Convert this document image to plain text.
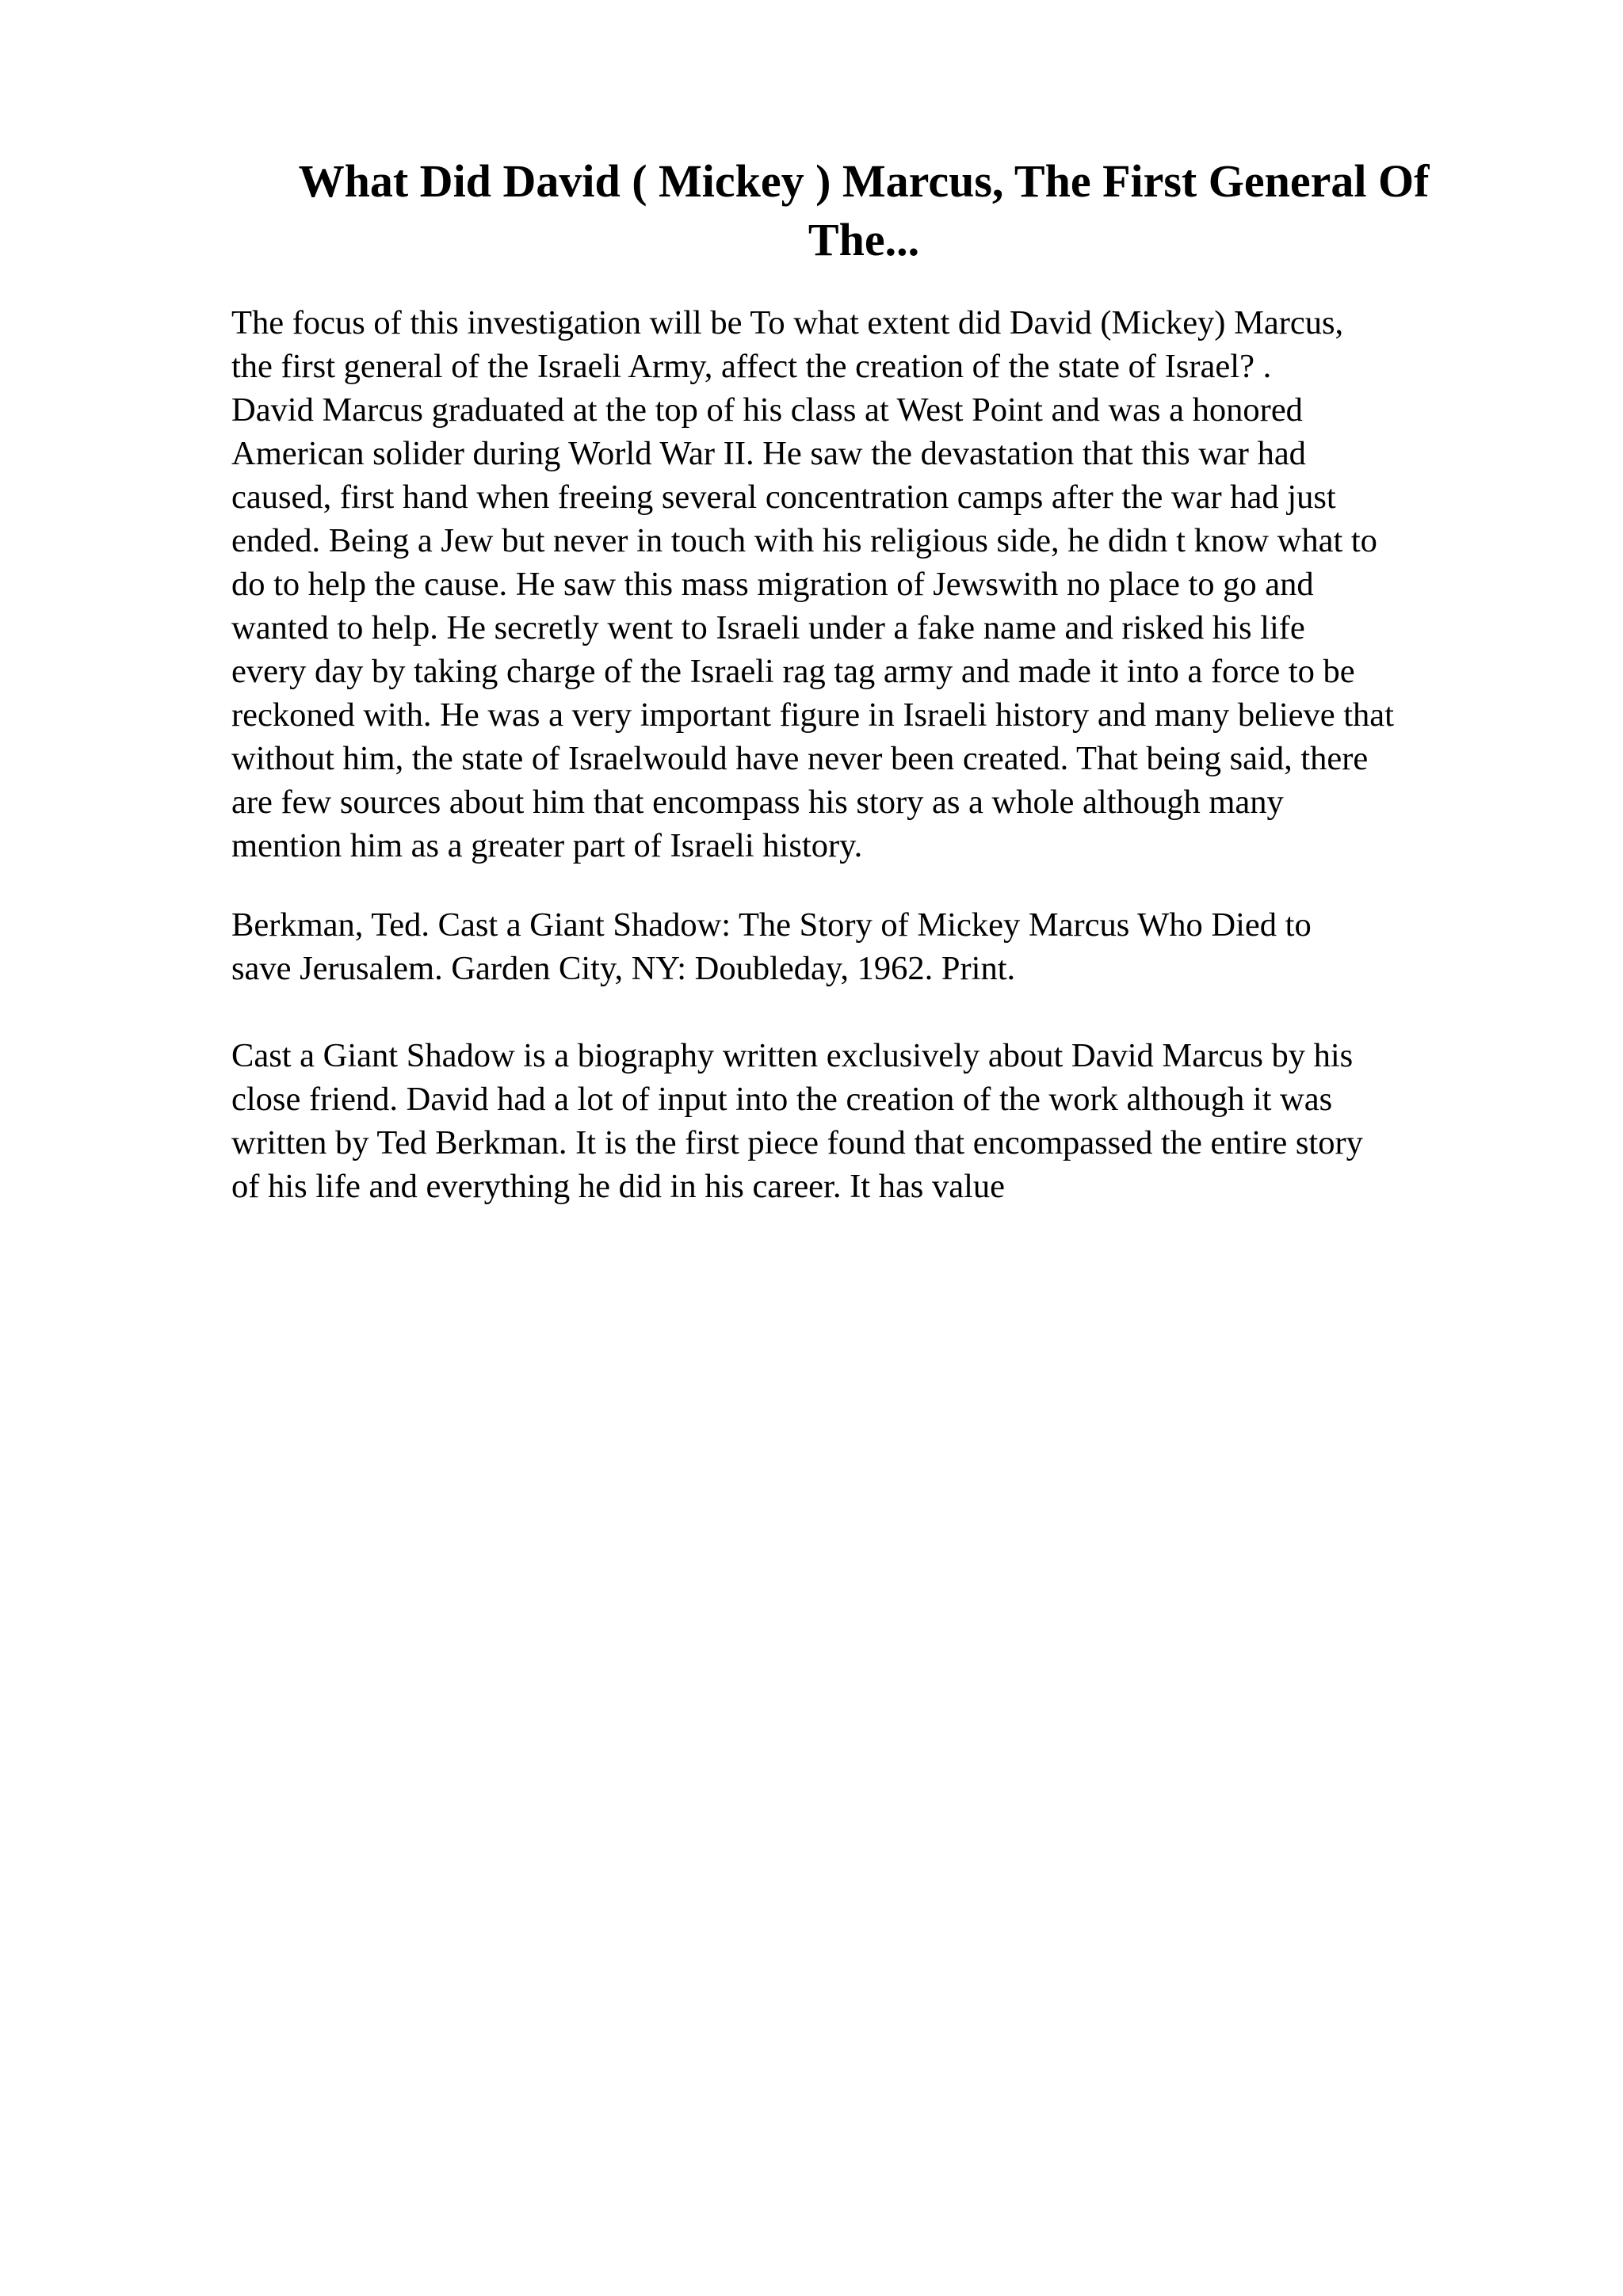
What Did David ( Mickey ) Marcus, The First General Of
The...

The focus of this investigation will be To what extent did David (Mickey) Marcus,
the first general of the Israeli Army, affect the creation of the state of Israel? .
David Marcus graduated at the top of his class at West Point and was a honored
American solider during World War II. He saw the devastation that this war had
caused, first hand when freeing several concentration camps after the war had just
ended. Being a Jew but never in touch with his religious side, he didn t know what to
do to help the cause. He saw this mass migration of Jewswith no place to go and
wanted to help. He secretly went to Israeli under a fake name and risked his life
every day by taking charge of the Israeli rag tag army and made it into a force to be
reckoned with. He was a very important figure in Israeli history and many believe that
without him, the state of Israelwould have never been created. That being said, there
are few sources about him that encompass his story as a whole although many
mention him as a greater part of Israeli history.

Berkman, Ted. Cast a Giant Shadow: The Story of Mickey Marcus Who Died to
save Jerusalem. Garden City, NY: Doubleday, 1962. Print.

Cast a Giant Shadow is a biography written exclusively about David Marcus by his
close friend. David had a lot of input into the creation of the work although it was
written by Ted Berkman. It is the first piece found that encompassed the entire story
of his life and everything he did in his career. It has value
